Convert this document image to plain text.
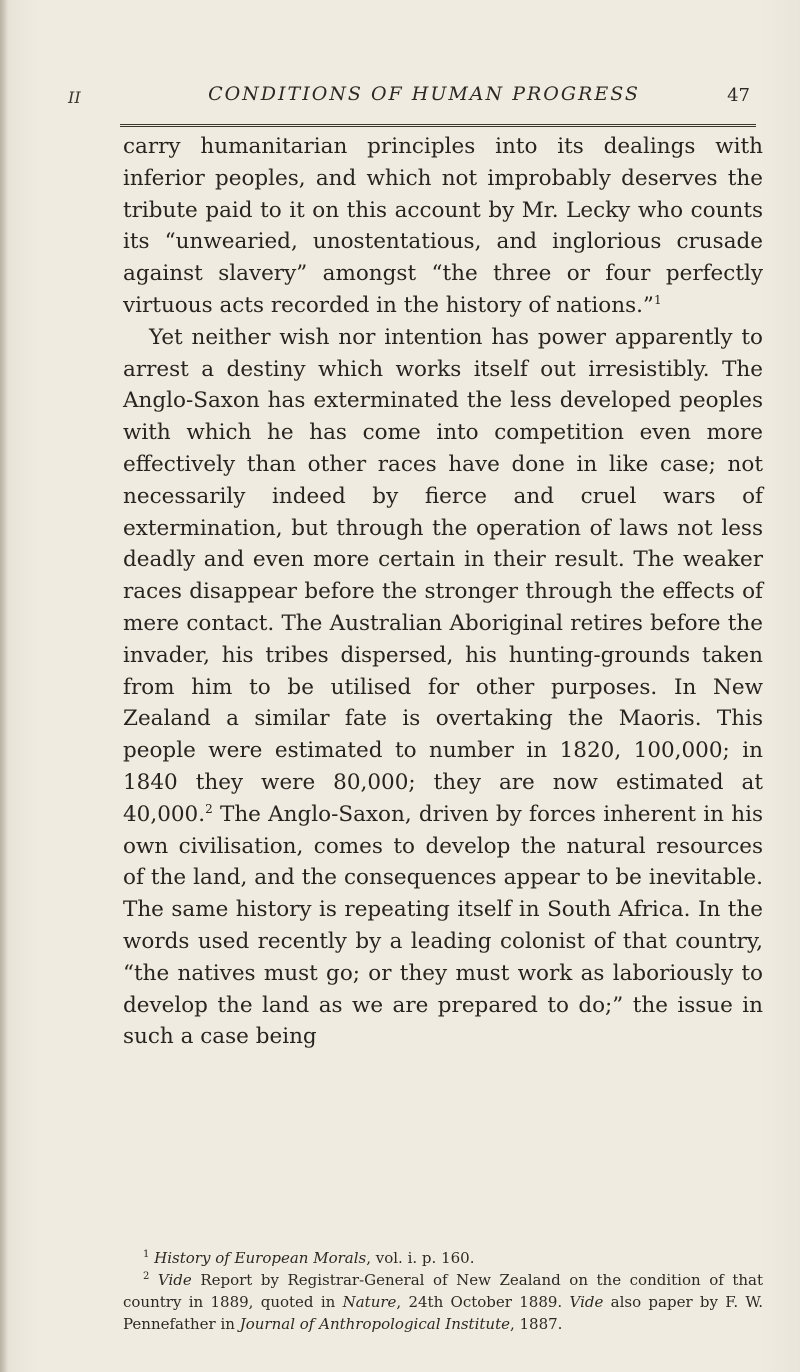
II	CONDITIONS OF HUMAN PROGRESS	47

carry humanitarian principles into its dealings with inferior peoples, and which not improbably deserves the tribute paid to it on this account by Mr. Lecky who counts its “unwearied, unostentatious, and inglorious crusade against slavery” amongst “the three or four perfectly virtuous acts recorded in the history of nations.”$^1$

Yet neither wish nor intention has power apparently to arrest a destiny which works itself out irresistibly. The Anglo-Saxon has exterminated the less developed peoples with which he has come into competition even more effectively than other races have done in like case; not necessarily indeed by fierce and cruel wars of extermination, but through the operation of laws not less deadly and even more certain in their result. The weaker races disappear before the stronger through the effects of mere contact. The Australian Aboriginal retires before the invader, his tribes dispersed, his hunting-grounds taken from him to be utilised for other purposes. In New Zealand a similar fate is overtaking the Maoris. This people were estimated to number in 1820, 100,000; in 1840 they were 80,000; they are now estimated at 40,000.$^2$ The Anglo-Saxon, driven by forces inherent in his own civilisation, comes to develop the natural resources of the land, and the consequences appear to be inevitable. The same history is repeating itself in South Africa. In the words used recently by a leading colonist of that country, “the natives must go; or they must work as laboriously to develop the land as we are prepared to do;” the issue in such a case being

$^1$ History of European Morals, vol. i. p. 160.

$^2$ Vide Report by Registrar-General of New Zealand on the condition of that country in 1889, quoted in Nature, 24th October 1889. Vide also paper by F. W. Pennefather in Journal of Anthropological Institute, 1887.
